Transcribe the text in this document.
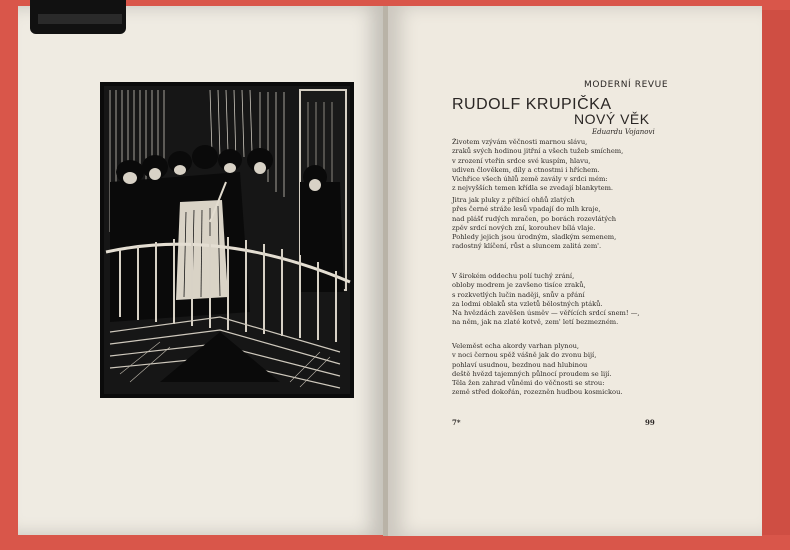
MODERNÍ REVUE
RUDOLF KRUPIČKA
NOVÝ VĚK
Eduardu Vojanovi
Životem vzývám věčnosti marnou slávu,
zraků svých hodinou jitřní a všech tužeb smíchem,
v zrození vteřin srdce své kuspím, hlavu,
udiven člověkem, díly a ctnostmi i hříchem.
Vichřice všech úhlů země zavály v srdci mém:
z nejvyšších temen křídla se zvedají blankytem.
Jitra jak pluky z příbicí ohňů zlatých
přes černé stráže lesů vpadají do mlh kraje,
nad plášť rudých mračen, po borách rozevlátých
zpěv srdcí nových zní, korouhev bílá vlaje.
Pohledy jejich jsou úrodným, sladkým semenem,
radostný klíčení, růst a sluncem zalitá zem'.
V širokém oddechu polí tuchý zrání,
obloby modrem je zavšeno tisíce zraků,
s rozkvetlých lučin naději, snův a přání
za lodmi oblaků sta vzletů bělostných ptáků.
Na hvězdách zavěšen úsměv — věřících srdcí snem! —,
na něm, jak na zlaté kotvě, zem' letí bezmezném.
Veleměst echa akordy varhan plynou,
v noci černou spěž vášně jak do zvonu bijí,
pohlaví usudnou, bezdnou nad hlubinou
deště hvězd tajemných půlnocí proudem se lijí.
Těla žen zahrad vůněmi do věčnosti se strou:
země střed dokořán, rozezněn hudbou kosmickou.
7*	99
